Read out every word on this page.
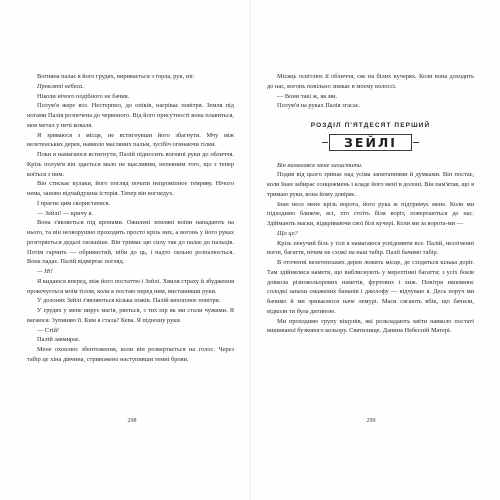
Вогняна палає в його грудях, виривається з горла, рук, ніг.

Прокляті небеса.

Ніколи нічого подібного не бачив.

Полум'я жере все. Нестерпно, до опіків, нагріває повітря. Земля під ногами Палія розпечена до червоного. Від його присутності вона плавиться, мов метал у печі коваля.

Я зриваюся з місця, не встигнувши його збагнути. Мчу між велетенських дерев, навколо масляних пальм, зусібіч огинаючи гілки.

Поки я намагаюся встигнути, Палій підносить вогняні руки до обличчя. Крізь полум'я він здається мало не щасливим, непевним того, що з тепер коїться з ним.

Він стискає кулаки, його погляд почати непроміпное темряву. Нічого нема, заново відчайдушна історія. Тепер він вогнедух.

І прагне цим скористатися.

— Зейлі! — кричу я.

Вона з'являється під кронами. Ожилені земляні воїни нападають на нього, та він незворушно проходить просто крізь них, а вогонь у його руках розгоряється дедалі сильніше. Він тримає цю силу так до палає до пальців. Потім гарчить — обривистий, ніби до ць, і надто сильно розпалюється. Вона падає. Палій відвертає погляд.

— Ні!

Я кидаюся вперед, між його постаттю і Зейлі. Хвиля страху й збудження прокочується моїм тілом, коли я постаю перед ним, виставивши руки.

У долонях Зейлі з'являються кілька ножів. Палій вихоплює повітря.

У грудях у мене вирує магія, рветься, з тих пір як ми стали чужими. Я вагаюся. Зупиняю її. Ким я стала? Кева. Я підношу руки.

— Стій!

Палій завмирає.

Мене охоплює збентеження, коли він розвертається на голос. Через табір це хіна дівчина, стривожено наступивши темні брови.

298

Місяць освітлює її обличчя, сяє на білих кучерях. Коли вона доходить до нас, вогонь повільно зникає в моєму волоссі.

— Вони такі ж, як ми.

Полум'я на руках Палія згасає.

РОЗДІЛ П'ЯТДЕСЯТ ПЕРШИЙ
ЗЕЙЛІ

Він намагався мене захистити.

Подив від цього зринає над усіма запитаннями й думками. Він постає, коли Інан забирає сонцежмень і кладе його мені в долоні. Він пам'ятав, що я тримаю руки, вона йому довіряє.

Інан несе мене крізь ворота, його рука ж підтримує мене. Коли ми підходимо ближче, всі, хто стоїть біля воріт, повертаються до нас. Здіймають маски, відкриваючи свої білі кучері. Коли ми за ворота-ми —

Що це?

Крізь пекучий біль у тілі я намагаюся усвідомити все. Палій, незліченні вогні, багаття, нічим не схожі на наш табір. Палії бачимо табір.

В оточенні велетенських дерев лежить місце, де сходяться кілька доріг. Там здійнялися намети, що виблискують у мерехтінні багаття; з усіх боків довкола різнокольорових наметів, фуртових і хиж. Повітря наповнює солодкі запахи смажених бананів і джолофу — відчуваю я. Десь поруч ми бачимо й ми зриваємося наче лемурі. Маси сягають вбік, що бачили, відколи ти була дитиною.

Ми проходимо групу віщунів, які розкладають квіти навколо постаті вишиваної бузкового кольору. Святилище. Данина Небесній Матері.

299
